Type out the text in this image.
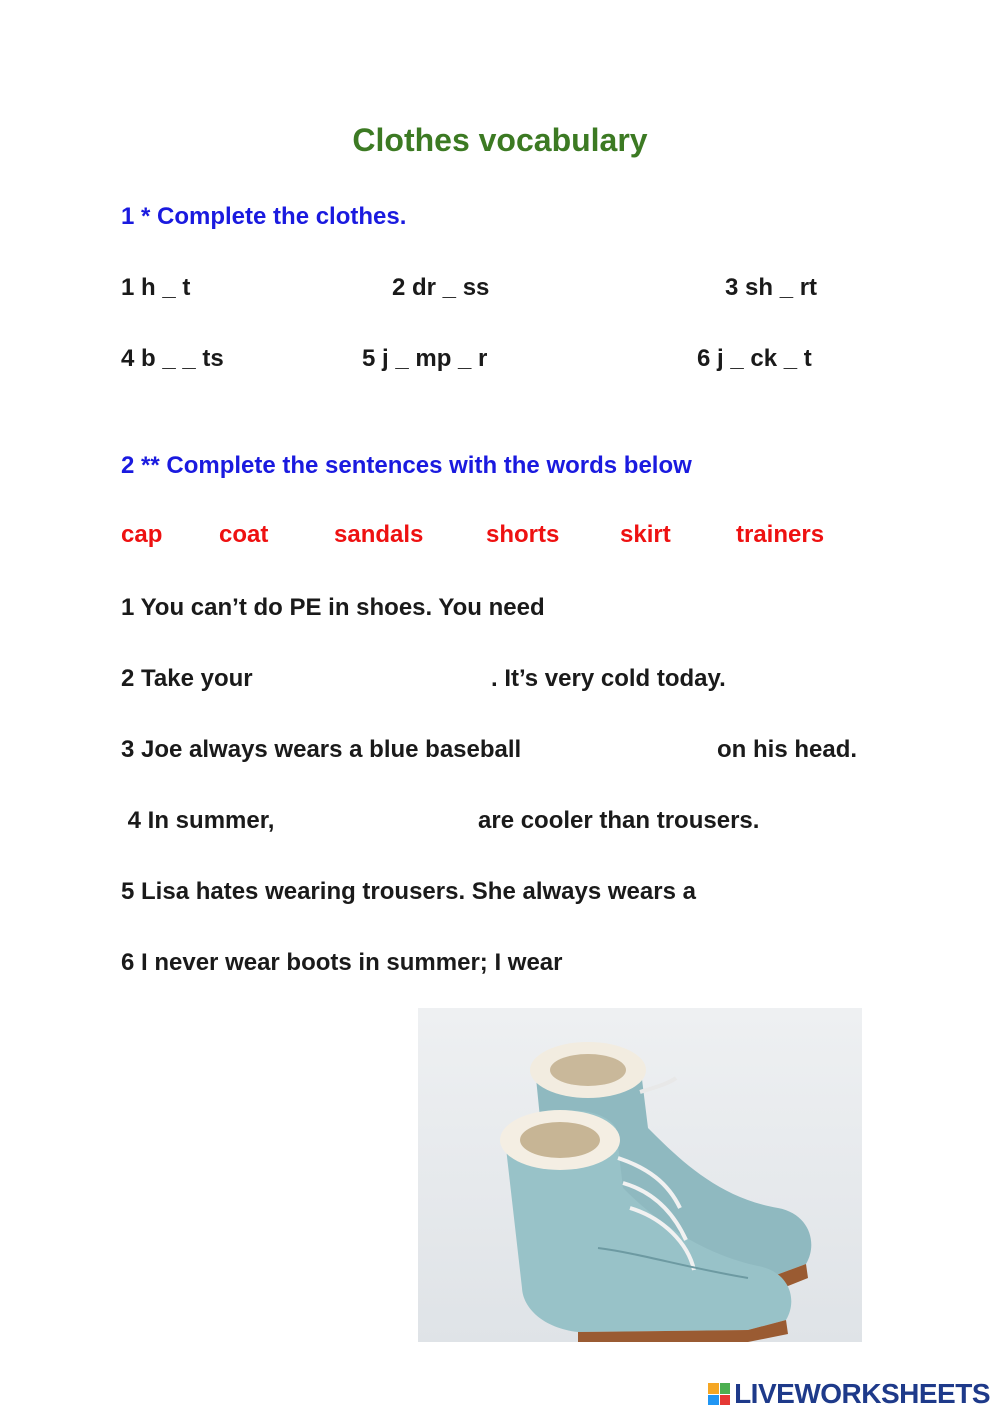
Clothes vocabulary
1 * Complete the clothes.
1 h _ t	2 dr _ ss	3 sh _ rt
4 b _ _ ts	5 j _ mp _ r	6 j _ ck _ t
2 ** Complete the sentences with the words below
cap coat	sandals	shorts	skirt	trainers
1 You can’t do PE in shoes. You need
2 Take your	. It’s very cold today.
3 Joe always wears a blue baseball	on his head.
4 In summer,	are cooler than trousers.
5 Lisa hates wearing trousers. She always wears a
6 I never wear boots in summer; I wear
LIVEWORKSHEETS
